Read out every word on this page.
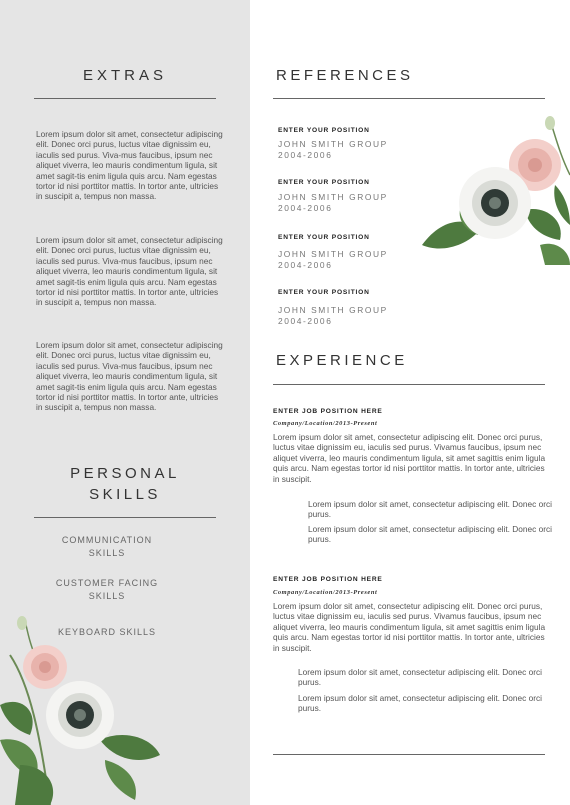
EXTRAS
Lorem ipsum dolor sit amet, consectetur adipiscing elit. Donec orci purus, luctus vitae dignissim eu, iaculis sed purus. Viva-mus faucibus, ipsum nec aliquet viverra, leo mauris condimentum ligula, sit amet sagit-tis enim ligula quis arcu. Nam egestas tortor id nisi porttitor mattis. In tortor ante, ultricies in suscipit a, tempus non massa.
Lorem ipsum dolor sit amet, consectetur adipiscing elit. Donec orci purus, luctus vitae dignissim eu, iaculis sed purus. Viva-mus faucibus, ipsum nec aliquet viverra, leo mauris condimentum ligula, sit amet sagit-tis enim ligula quis arcu. Nam egestas tortor id nisi porttitor mattis. In tortor ante, ultricies in suscipit a, tempus non massa.
Lorem ipsum dolor sit amet, consectetur adipiscing elit. Donec orci purus, luctus vitae dignissim eu, iaculis sed purus. Viva-mus faucibus, ipsum nec aliquet viverra, leo mauris condimentum ligula, sit amet sagit-tis enim ligula quis arcu. Nam egestas tortor id nisi porttitor mattis. In tortor ante, ultricies in suscipit a, tempus non massa.
PERSONAL
SKILLS
COMMUNICATION
SKILLS
CUSTOMER FACING
SKILLS
KEYBOARD SKILLS
REFERENCES
ENTER YOUR POSITION
JOHN SMITH GROUP
2004-2006
ENTER YOUR POSITION
JOHN SMITH GROUP
2004-2006
ENTER YOUR POSITION
JOHN SMITH GROUP
2004-2006
ENTER YOUR POSITION
JOHN SMITH GROUP
2004-2006
EXPERIENCE
ENTER JOB POSITION HERE
Company/Location/2013-Present
Lorem ipsum dolor sit amet, consectetur adipiscing elit. Donec orci purus, luctus vitae dignissim eu, iaculis sed purus. Vivamus faucibus, ipsum nec aliquet viverra, leo mauris condimentum ligula, sit amet sagittis enim ligula quis arcu. Nam egestas tortor id nisi porttitor mattis. In tortor ante, ultricies in suscipit.
Lorem ipsum dolor sit amet, consectetur adipiscing elit. Donec orci purus.
Lorem ipsum dolor sit amet, consectetur adipiscing elit. Donec orci purus.
ENTER JOB POSITION HERE
Company/Location/2013-Present
Lorem ipsum dolor sit amet, consectetur adipiscing elit. Donec orci purus, luctus vitae dignissim eu, iaculis sed purus. Vivamus faucibus, ipsum nec aliquet viverra, leo mauris condimentum ligula, sit amet sagittis enim ligula quis arcu. Nam egestas tortor id nisi porttitor mattis. In tortor ante, ultricies in suscipit.
Lorem ipsum dolor sit amet, consectetur adipiscing elit. Donec orci purus.
Lorem ipsum dolor sit amet, consectetur adipiscing elit. Donec orci purus.
